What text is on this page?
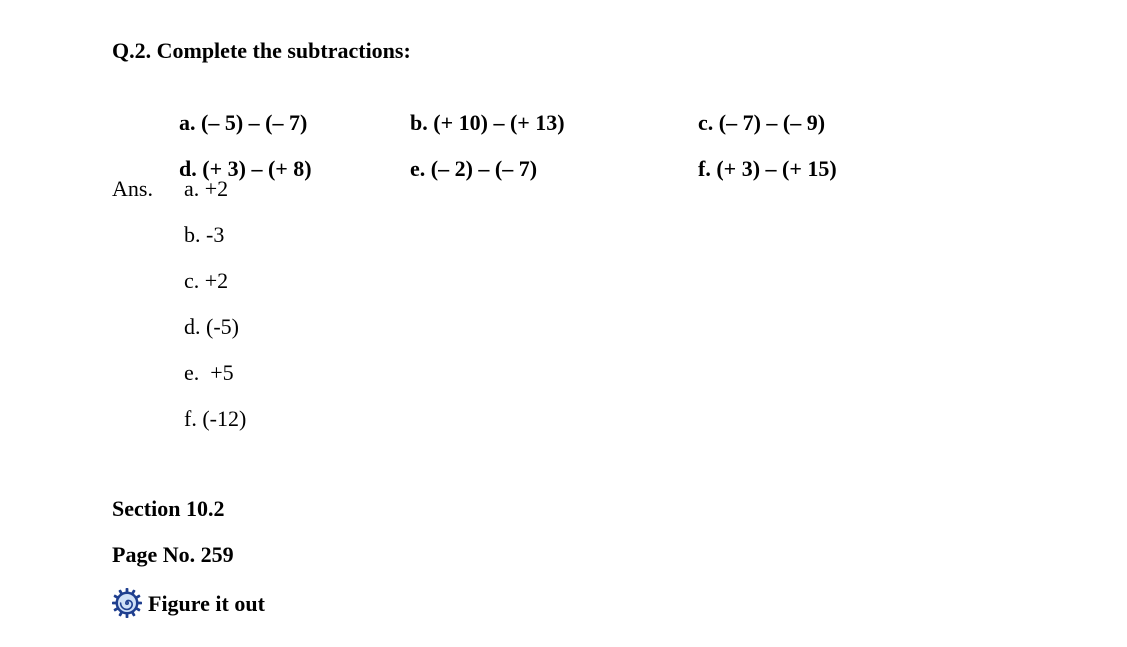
Q.2. Complete the subtractions:

a. (– 5) – (– 7)	b. (+ 10) – (+ 13)	c. (– 7) – (– 9)

d. (+ 3) – (+ 8)	e. (– 2) – (– 7)	f. (+ 3) – (+ 15)

Ans. a. +2
b. -3
c. +2
d. (-5)
e.  +5
f. (-12)
Section 10.2
Page No. 259
Figure it out
